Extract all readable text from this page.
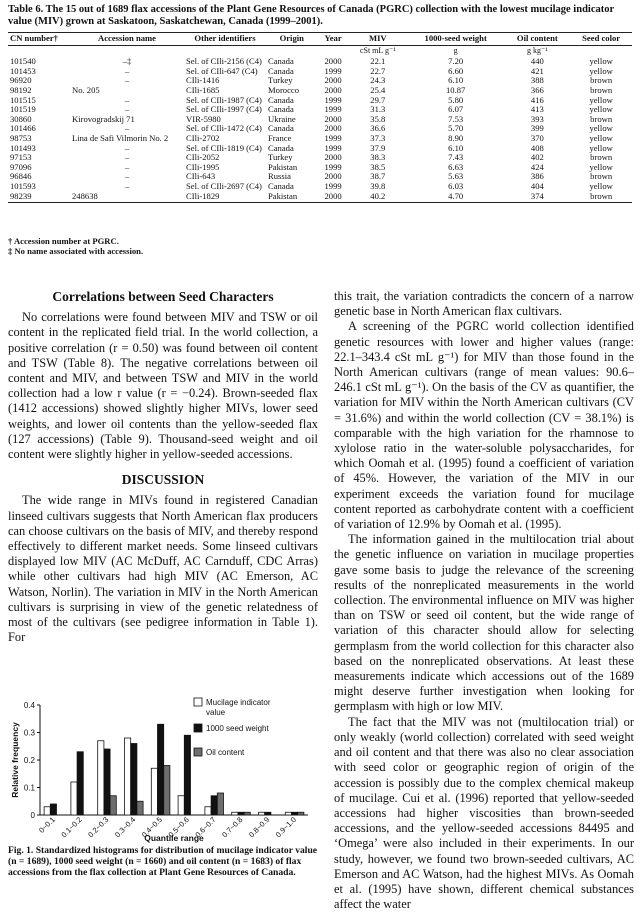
Table 6. The 15 out of 1689 flax accessions of the Plant Gene Resources of Canada (PGRC) collection with the lowest mucilage indicator value (MIV) grown at Saskatoon, Saskatchewan, Canada (1999–2001).
CN number†	Accession name	Other identifiers	Origin	Year	MIV	1000-seed weight	Oil content	Seed color
					cSt mL g⁻¹	g	g kg⁻¹	
101540	–‡	Sel. of CIli-2156 (C4)	Canada	2000	22.1	7.20	440	yellow
101453	–	Sel. of CIli-647 (C4)	Canada	1999	22.7	6.60	421	yellow
96920	–	CIli-1416	Turkey	2000	24.3	6.10	388	brown
98192	No. 205	CIli-1685	Morocco	2000	25.4	10.87	366	brown
101515	–	Sel. of CIli-1987 (C4)	Canada	1999	29.7	5.80	416	yellow
101519	–	Sel. of CIli-1997 (C4)	Canada	1999	31.3	6.07	413	yellow
30860	Kirovogradskij 71	VIR-5980	Ukraine	2000	35.8	7.53	393	brown
101466	–	Sel. of CIli-1472 (C4)	Canada	2000	36.6	5.70	399	yellow
98753	Lina de Safi Vilmorin No. 2	CIli-2702	France	1999	37.3	8.90	370	yellow
101493	–	Sel. of CIli-1819 (C4)	Canada	1999	37.9	6.10	408	yellow
97153	–	CIli-2052	Turkey	2000	38.3	7.43	402	brown
97096	–	CIli-1995	Pakistan	1999	38.5	6.63	424	yellow
96846	–	CIli-643	Russia	2000	38.7	5.63	386	brown
101593	–	Sel. of CIli-2697 (C4)	Canada	1999	39.8	6.03	404	yellow
98239	248638	CIli-1829	Pakistan	2000	40.2	4.70	374	brown
† Accession number at PGRC.
‡ No name associated with accession.
Correlations between Seed Characters

No correlations were found between MIV and TSW or oil content in the replicated field trial. In the world collection, a positive correlation (r = 0.50) was found between oil content and TSW (Table 8). The negative correlations between oil content and MIV, and between TSW and MIV in the world collection had a low r value (r = −0.24). Brown-seeded flax (1412 accessions) showed slightly higher MIVs, lower seed weights, and lower oil contents than the yellow-seeded flax (127 accessions) (Table 9). Thousand-seed weight and oil content were slightly higher in yellow-seeded accessions.

DISCUSSION

The wide range in MIVs found in registered Canadian linseed cultivars suggests that North American flax producers can choose cultivars on the basis of MIV, and thereby respond effectively to different market needs. Some linseed cultivars displayed low MIV (AC McDuff, AC Carnduff, CDC Arras) while other cultivars had high MIV (AC Emerson, AC Watson, Norlin). The variation in MIV in the North American cultivars is surprising in view of the genetic relatedness of most of the cultivars (see pedigree information in Table 1). For

this trait, the variation contradicts the concern of a narrow genetic base in North American flax cultivars.

A screening of the PGRC world collection identified genetic resources with lower and higher values (range: 22.1–343.4 cSt mL g⁻¹) for MIV than those found in the North American cultivars (range of mean values: 90.6–246.1 cSt mL g⁻¹). On the basis of the CV as quantifier, the variation for MIV within the North American cultivars (CV = 31.6%) and within the world collection (CV = 38.1%) is comparable with the high variation for the rhamnose to xylolose ratio in the water-soluble polysaccharides, for which Oomah et al. (1995) found a coefficient of variation of 45%. However, the variation of the MIV in our experiment exceeds the variation found for mucilage content reported as carbohydrate content with a coefficient of variation of 12.9% by Oomah et al. (1995).

The information gained in the multilocation trial about the genetic influence on variation in mucilage properties gave some basis to judge the relevance of the screening results of the nonreplicated measurements in the world collection. The environmental influence on MIV was higher than on TSW or seed oil content, but the wide range of variation of this character should allow for selecting germplasm from the world collection for this character also based on the nonreplicated observations. At least these measurements indicate which accessions out of the 1689 might deserve further investigation when looking for germplasm with high or low MIV.

The fact that the MIV was not (multilocation trial) or only weakly (world collection) correlated with seed weight and oil content and that there was also no clear association with seed color or geographic region of origin of the accession is possibly due to the complex chemical makeup of mucilage. Cui et al. (1996) reported that yellow-seeded accessions had higher viscosities than brown-seeded accessions, and the yellow-seeded accessions 84495 and ‘Omega’ were also included in their experiments. In our study, however, we found two brown-seeded cultivars, AC Emerson and AC Watson, had the highest MIVs. As Oomah et al. (1995) have shown, different chemical substances affect the water

0
0.1
0.2
0.3
0.4
Relative frequency
0~0.1 0.1~0.2 0.2~0.3 0.3~0.4 0.4~0.5 0.5~0.6 0.6~0.7 0.7~0.8 0.8~0.9 0.9~1.0
Quantile range
Mucilage indicator
value
1000 seed weight
Oil content
Fig. 1. Standardized histograms for distribution of mucilage indicator value (n = 1689), 1000 seed weight (n = 1660) and oil content (n = 1683) of flax accessions from the flax collection at Plant Gene Resources of Canada.
